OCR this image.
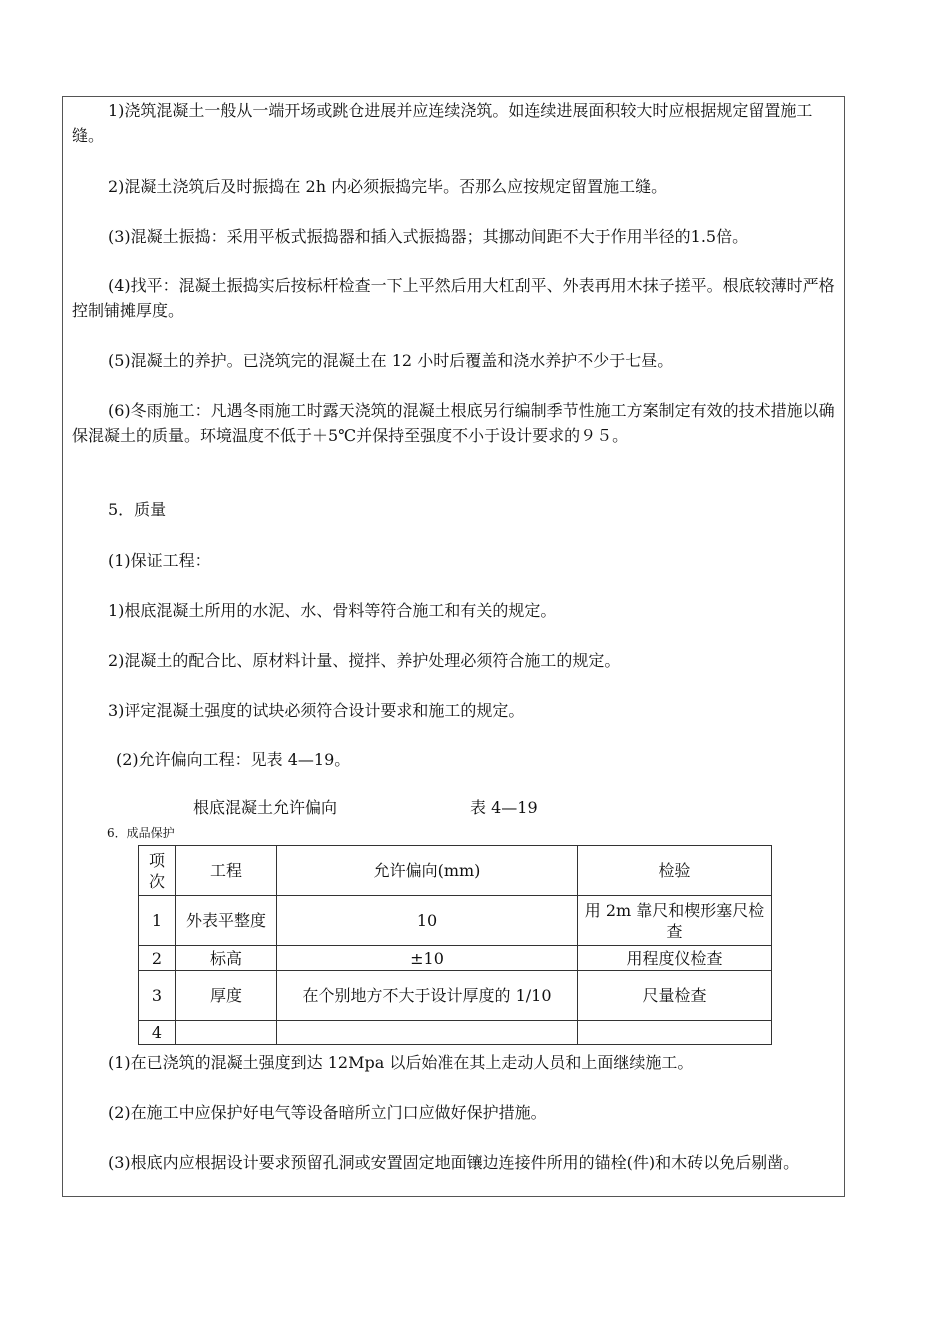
1)浇筑混凝土一般从一端开场或跳仓进展并应连续浇筑。如连续进展面积较大时应根据规定留置施工缝。

2)混凝土浇筑后及时振捣在 2h 内必须振捣完毕。否那么应按规定留置施工缝。

(3)混凝土振捣：采用平板式振捣器和插入式振捣器；其挪动间距不大于作用半径的1.5倍。

(4)找平：混凝土振捣实后按标杆检查一下上平然后用大杠刮平、外表再用木抹子搓平。根底较薄时严格控制铺摊厚度。

(5)混凝土的养护。已浇筑完的混凝土在 12 小时后覆盖和浇水养护不少于七昼。

(6)冬雨施工：凡遇冬雨施工时露天浇筑的混凝土根底另行编制季节性施工方案制定有效的技术措施以确保混凝土的质量。环境温度不低于＋5℃并保持至强度不小于设计要求的９５。

5．质量

(1)保证工程：

1)根底混凝土所用的水泥、水、骨料等符合施工和有关的规定。

2)混凝土的配合比、原材料计量、搅拌、养护处理必须符合施工的规定。

3)评定混凝土强度的试块必须符合设计要求和施工的规定。

(2)允许偏向工程：见表 4—19。

根底混凝土允许偏向	表 4—19
6．成品保护
项次	工程	允许偏向(mm)	检验
1	外表平整度	10	用 2m 靠尺和楔形塞尺检查
2	标高	±10	用程度仪检查
3	厚度	在个别地方不大于设计厚度的 1/10	尺量检查
4			

(1)在已浇筑的混凝土强度到达 12Mpa 以后始准在其上走动人员和上面继续施工。

(2)在施工中应保护好电气等设备暗所立门口应做好保护措施。

(3)根底内应根据设计要求预留孔洞或安置固定地面镶边连接件所用的锚栓(件)和木砖以免后剔凿。
